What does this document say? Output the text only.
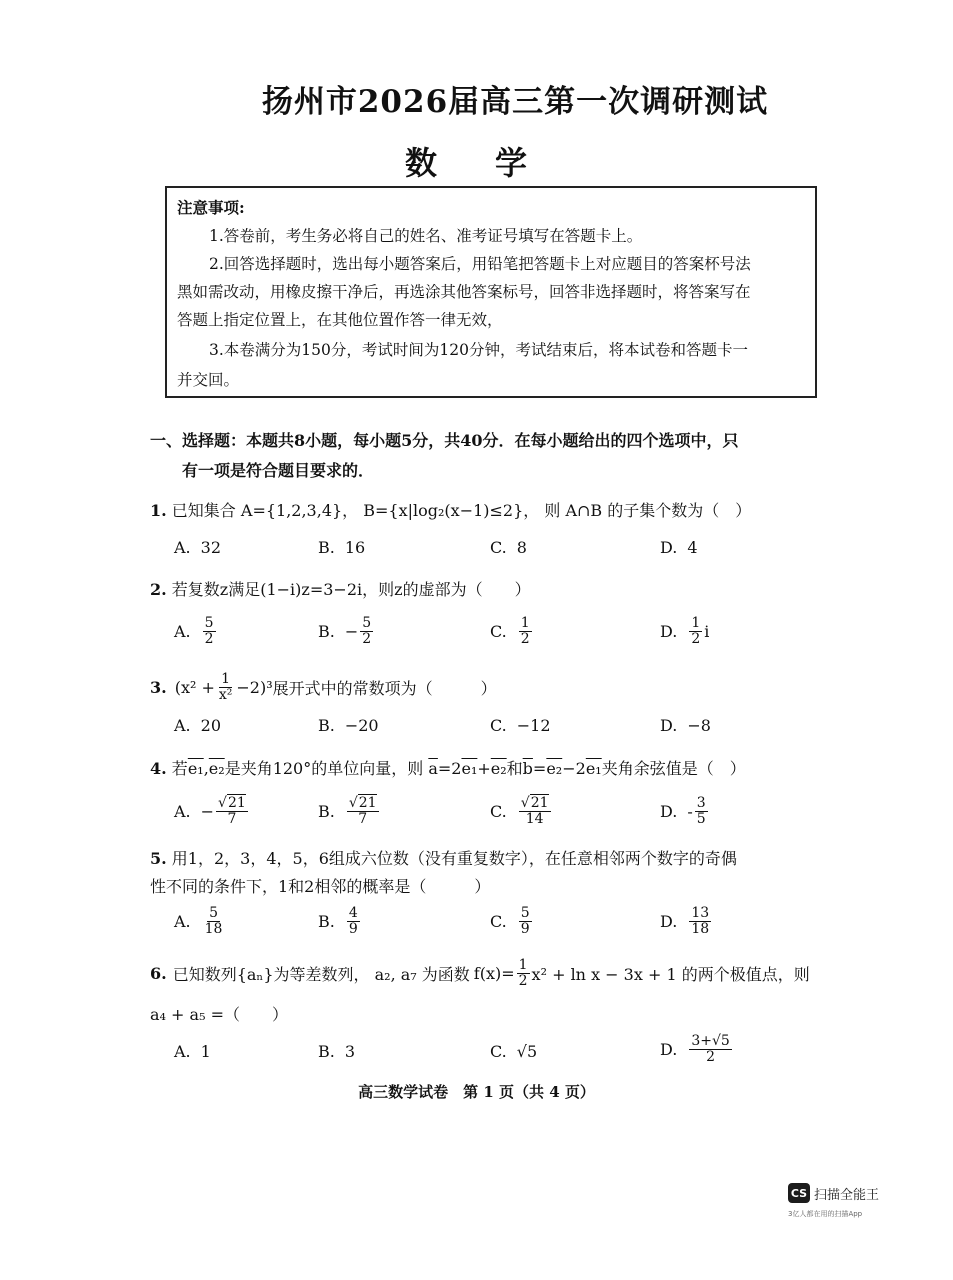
扬州市2026届高三第一次调研测试
数学
注意事项:
1.答卷前，考生务必将自己的姓名、准考证号填写在答题卡上。
2.回答选择题时，选出每小题答案后，用铅笔把答题卡上对应题目的答案杯号法
黑如需改动，用橡皮擦干净后，再选涂其他答案标号，回答非选择题时，将答案写在
答题上指定位置上，在其他位置作答一律无效，
3.本卷满分为150分，考试时间为120分钟，考试结束后，将本试卷和答题卡一
并交回。
一、选择题：本题共8小题，每小题5分，共40分．在每小题给出的四个选项中，只
有一项是符合题目要求的．
1. 已知集合 A={1,2,3,4}， B={x|log₂(x−1)≤2}， 则 A∩B 的子集个数为（　）
A. 32	B. 16	C. 8	D. 4
2. 若复数z满足(1−i)z=3−2i，则z的虚部为（　　）
A. $\frac{5}{2}$	B. − $\frac{5}{2}$	C. $\frac{1}{2}$	D. $\frac{1}{2}$ i
3. $(x^2 + \frac{1}{\text{x²}} -2)^3$ 展开式中的常数项为（　　　）
A. 20	B. −20	C. −12	D. −8
4. 若e₁,e₂是夹角120°的单位向量，则 $\overline{a}=2e_1+e_2$和$\overline{b}=e_2-2e_1$夹角余弦值是（　）
A. − $\frac{√21}{7}$	B. $\frac{√21}{7}$	C. $\frac{√21}{14}$	D. - $\frac{3}{5}$
5. 用1，2，3，4，5，6组成六位数（没有重复数字），在任意相邻两个数字的奇偶
性不同的条件下，1和2相邻的概率是（　　　）
A. $\frac{5}{18}$	B. $\frac{4}{9}$	C. $\frac{5}{9}$	D. $\frac{13}{18}$
6. 已知数列{aₙ}为等差数列， a₂, a₇ 为函数 $f(x)= \frac{1}{2} x^2 + \ln x - 3x + 1$ 的两个极值点，则
a₄ + a₅ =（　　）
A. 1	B. 3	C. √5	D. $\frac{3+√5}{2}$
高三数学试卷　第 1 页（共 4 页）
CS 扫描全能王
3亿人都在用的扫描App
